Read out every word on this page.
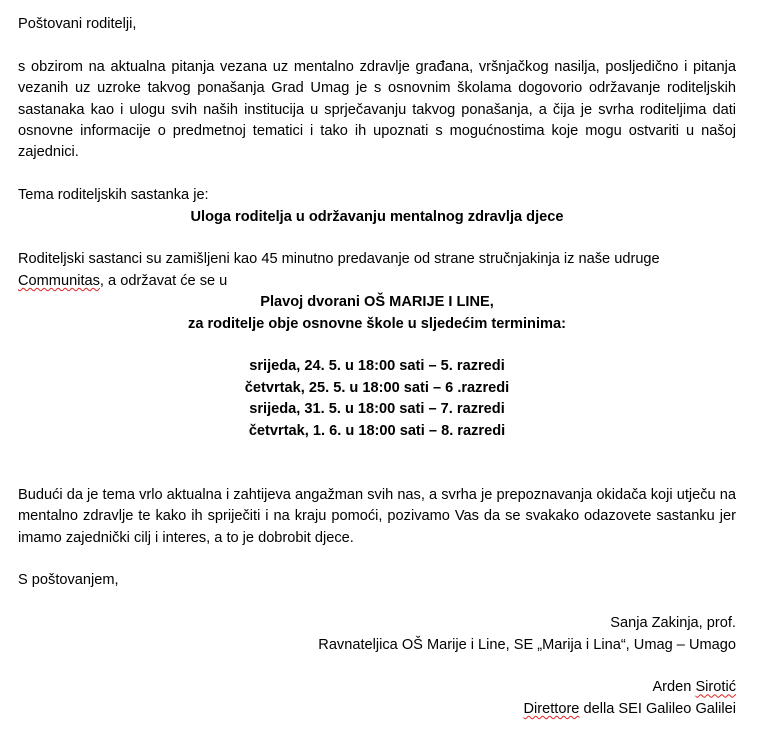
Poštovani roditelji,

s obzirom na aktualna pitanja vezana uz mentalno zdravlje građana, vršnjačkog nasilja, posljedično i pitanja vezanih uz uzroke takvog ponašanja Grad Umag je s osnovnim školama dogovorio održavanje roditeljskih sastanaka kao i ulogu svih naših institucija u sprječavanju takvog ponašanja, a čija je svrha roditeljima dati osnovne informacije o predmetnoj tematici i tako ih upoznati s mogućnostima koje mogu ostvariti u našoj zajednici.

Tema roditeljskih sastanka je:

Uloga roditelja u održavanju mentalnog zdravlja djece

Roditeljski sastanci su zamišljeni kao 45 minutno predavanje od strane stručnjakinja iz naše udruge Communitas, a održavat će se u

Plavoj dvorani OŠ MARIJE I LINE,

za roditelje obje osnovne škole u sljedećim terminima:

srijeda, 24. 5. u 18:00 sati – 5. razredi

četvrtak, 25. 5. u 18:00 sati – 6 .razredi

srijeda, 31. 5. u 18:00 sati – 7. razredi

četvrtak, 1. 6. u 18:00 sati – 8. razredi

Budući da je tema vrlo aktualna i zahtijeva angažman svih nas, a svrha je prepoznavanja okidača koji utječu na mentalno zdravlje te kako ih spriječiti i na kraju pomoći, pozivamo Vas da se svakako odazovete sastanku jer imamo zajednički cilj i interes, a to je dobrobit djece.

S poštovanjem,

Sanja Zakinja, prof.

Ravnateljica OŠ Marije i Line, SE „Marija i Lina“, Umag – Umago

Arden Sirotić

Direttore della SEI Galileo Galilei
